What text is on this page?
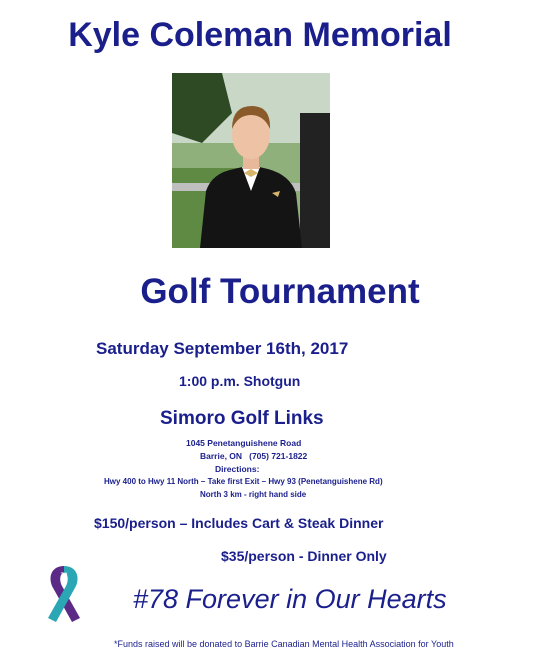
Kyle Coleman Memorial
Golf Tournament
Saturday September 16th, 2017
1:00 p.m. Shotgun
Simoro Golf Links
1045 Penetanguishene Road
Barrie, ON   (705) 721-1822
Directions:
Hwy 400 to Hwy 11 North – Take first Exit – Hwy 93 (Penetanguishene Rd)
North 3 km - right hand side
$150/person – Includes Cart & Steak Dinner
$35/person - Dinner Only
78
#78 Forever in Our Hearts
*Funds raised will be donated to Barrie Canadian Mental Health Association for Youth
